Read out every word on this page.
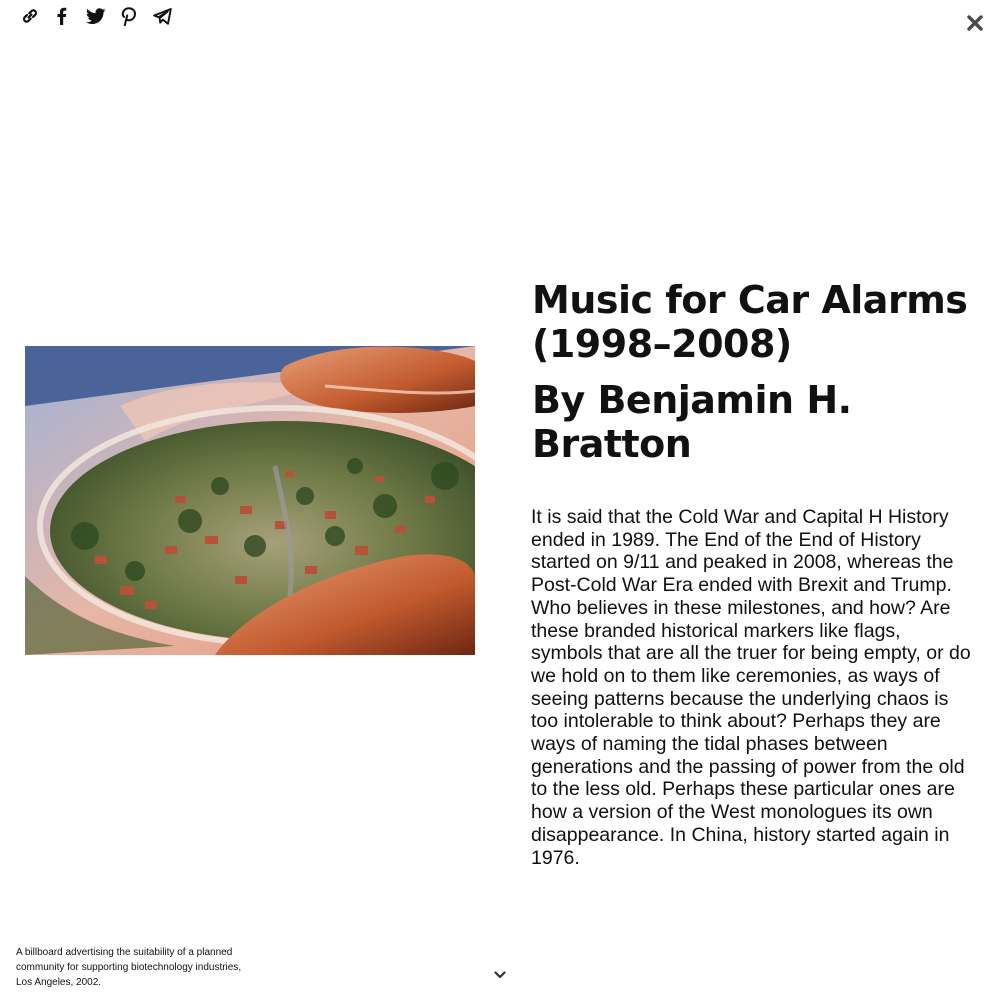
Music for Car Alarms (1998–2008)
By Benjamin H. Bratton

It is said that the Cold War and Capital H History ended in 1989. The End of the End of History started on 9/11 and peaked in 2008, whereas the Post-Cold War Era ended with Brexit and Trump. Who believes in these milestones, and how? Are these branded historical markers like flags, symbols that are all the truer for being empty, or do we hold on to them like ceremonies, as ways of seeing patterns because the underlying chaos is too intolerable to think about? Perhaps they are ways of naming the tidal phases between generations and the passing of power from the old to the less old. Perhaps these particular ones are how a version of the West monologues its own disappearance. In China, history started again in 1976.

A billboard advertising the suitability of a planned community for supporting biotechnology industries, Los Angeles, 2002.
